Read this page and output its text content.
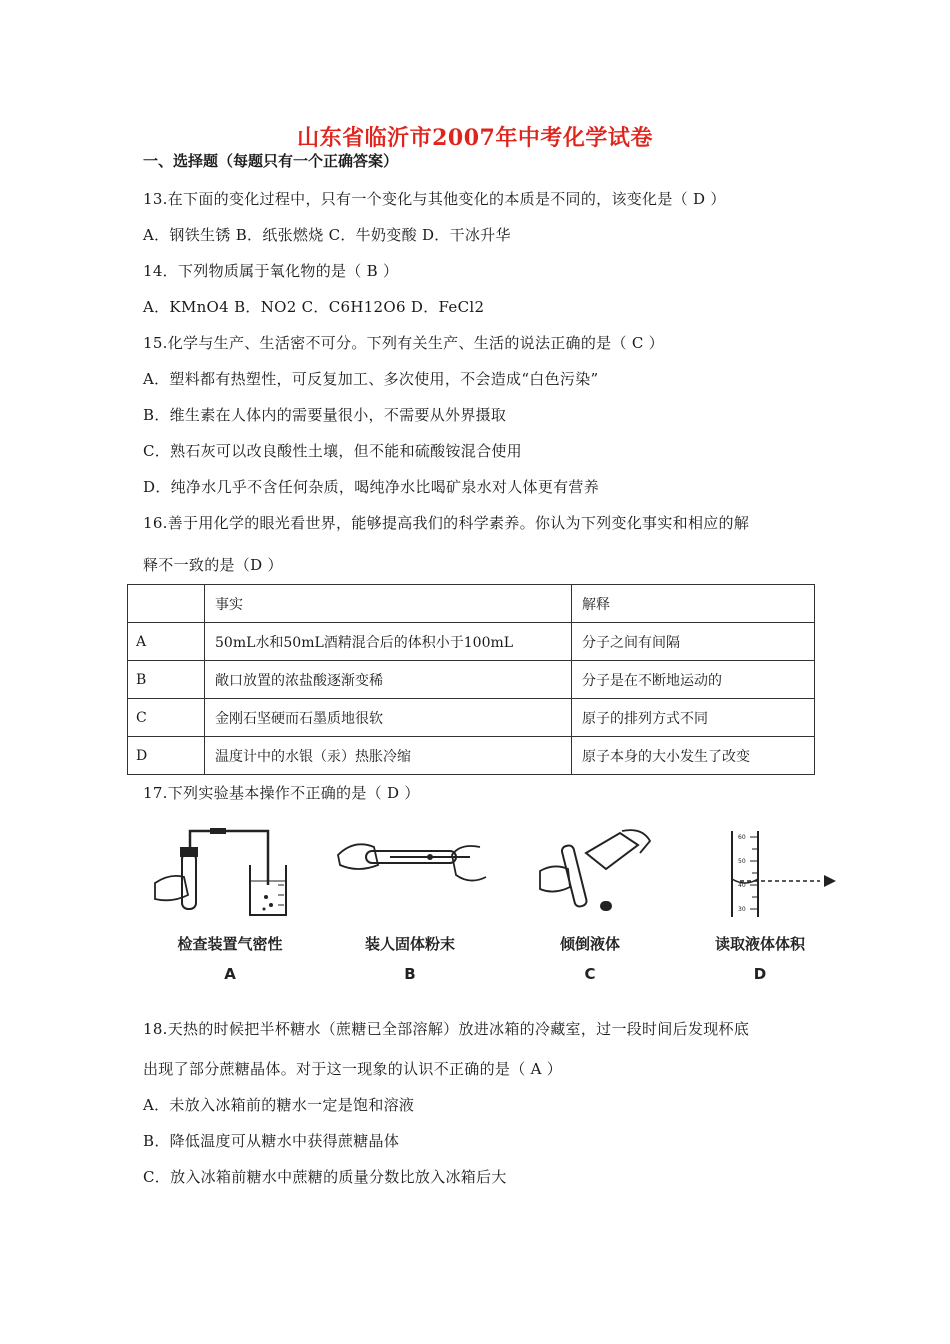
山东省临沂市2007年中考化学试卷
一、选择题（每题只有一个正确答案）
13.在下面的变化过程中，只有一个变化与其他变化的本质是不同的，该变化是（ D ）
A．钢铁生锈 B．纸张燃烧 C．牛奶变酸 D．干冰升华
14．下列物质属于氧化物的是（ B ）
A．KMnO4 B．NO2 C．C6H12O6 D．FeCl2
15.化学与生产、生活密不可分。下列有关生产、生活的说法正确的是（ C ）
A．塑料都有热塑性，可反复加工、多次使用，不会造成“白色污染”
B．维生素在人体内的需要量很小，不需要从外界摄取
C．熟石灰可以改良酸性土壤，但不能和硫酸铵混合使用
D．纯净水几乎不含任何杂质，喝纯净水比喝矿泉水对人体更有营养
16.善于用化学的眼光看世界，能够提高我们的科学素养。你认为下列变化事实和相应的解
释不一致的是（D ）
	事实	解释
A	50mL水和50mL酒精混合后的体积小于100mL	分子之间有间隔
B	敞口放置的浓盐酸逐渐变稀	分子是在不断地运动的
C	金刚石坚硬而石墨质地很软	原子的排列方式不同
D	温度计中的水银（汞）热胀冷缩	原子本身的大小发生了改变
17.下列实验基本操作不正确的是（ D ）
检查装置气密性
A
装人固体粉末
B
倾倒液体
C
60
50
40
30
读取液体体积
D
18.天热的时候把半杯糖水（蔗糖已全部溶解）放进冰箱的冷藏室，过一段时间后发现杯底
出现了部分蔗糖晶体。对于这一现象的认识不正确的是（ A ）
A．未放入冰箱前的糖水一定是饱和溶液
B．降低温度可从糖水中获得蔗糖晶体
C．放入冰箱前糖水中蔗糖的质量分数比放入冰箱后大
